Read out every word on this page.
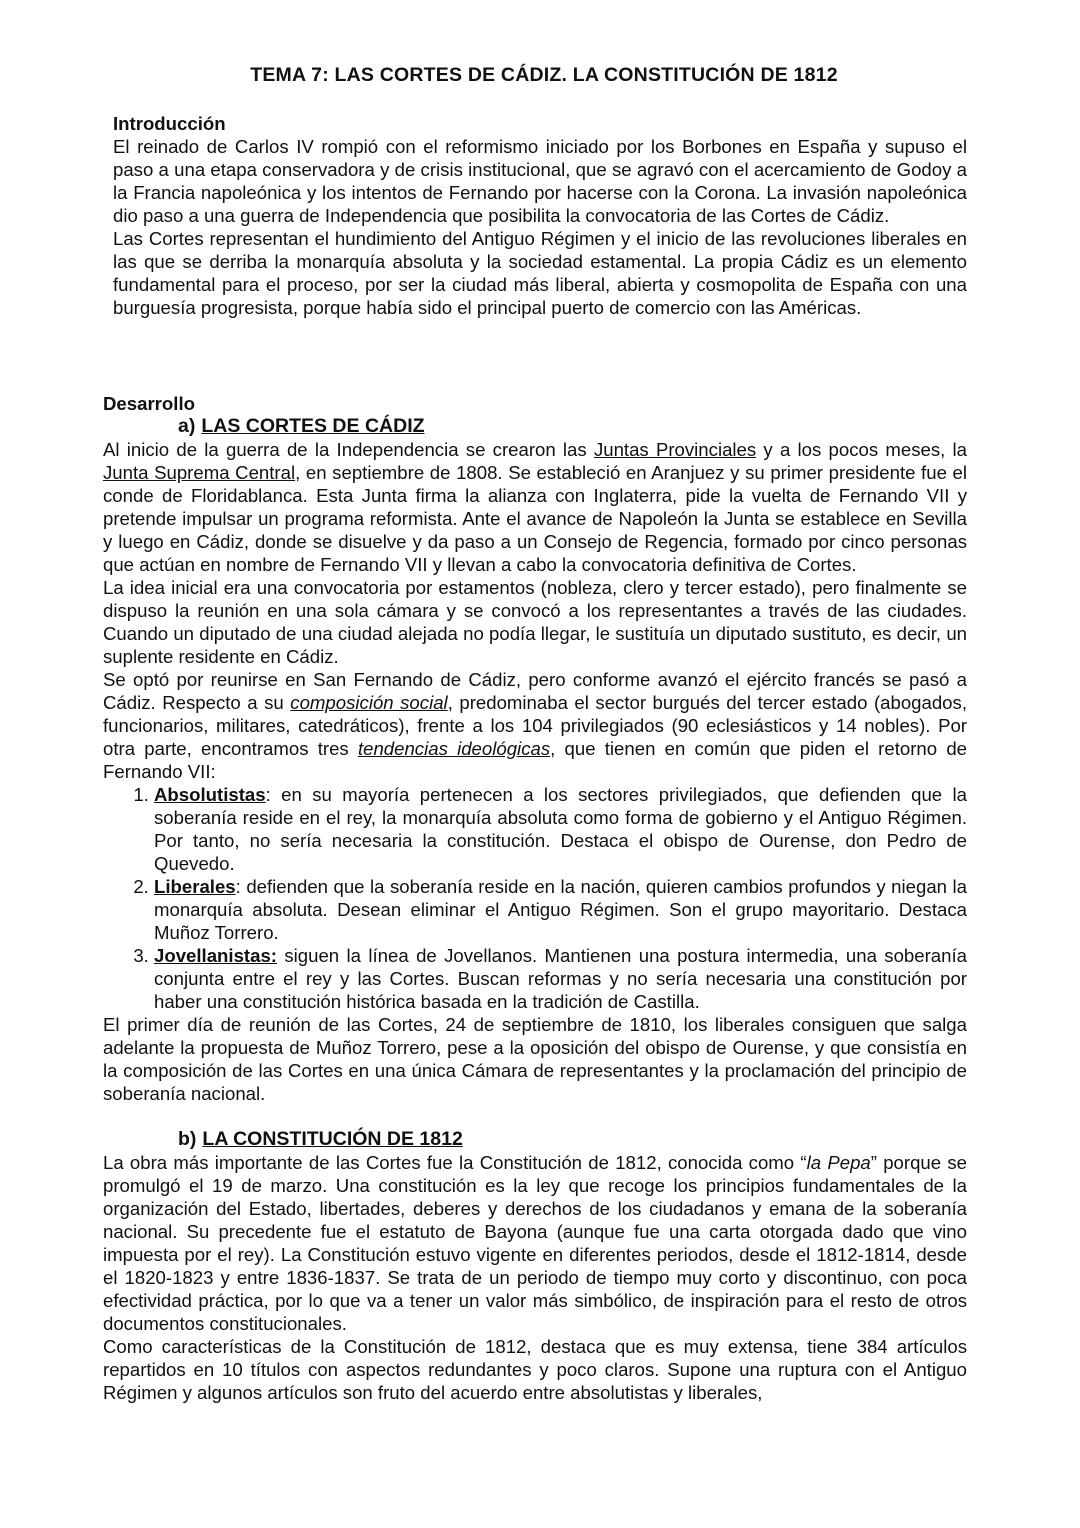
TEMA 7: LAS CORTES DE CÁDIZ. LA CONSTITUCIÓN DE 1812
Introducción

El reinado de Carlos IV rompió con el reformismo iniciado por los Borbones en España y supuso el paso a una etapa conservadora y de crisis institucional, que se agravó con el acercamiento de Godoy a la Francia napoleónica y los intentos de Fernando por hacerse con la Corona. La invasión napoleónica dio paso a una guerra de Independencia que posibilita la convocatoria de las Cortes de Cádiz.

Las Cortes representan el hundimiento del Antiguo Régimen y el inicio de las revoluciones liberales en las que se derriba la monarquía absoluta y la sociedad estamental. La propia Cádiz es un elemento fundamental para el proceso, por ser la ciudad más liberal, abierta y cosmopolita de España con una burguesía progresista, porque había sido el principal puerto de comercio con las Américas.

Desarrollo
a) LAS CORTES DE CÁDIZ

Al inicio de la guerra de la Independencia se crearon las Juntas Provinciales y a los pocos meses, la Junta Suprema Central, en septiembre de 1808. Se estableció en Aranjuez y su primer presidente fue el conde de Floridablanca. Esta Junta firma la alianza con Inglaterra, pide la vuelta de Fernando VII y pretende impulsar un programa reformista. Ante el avance de Napoleón la Junta se establece en Sevilla y luego en Cádiz, donde se disuelve y da paso a un Consejo de Regencia, formado por cinco personas que actúan en nombre de Fernando VII y llevan a cabo la convocatoria definitiva de Cortes.

La idea inicial era una convocatoria por estamentos (nobleza, clero y tercer estado), pero finalmente se dispuso la reunión en una sola cámara y se convocó a los representantes a través de las ciudades. Cuando un diputado de una ciudad alejada no podía llegar, le sustituía un diputado sustituto, es decir, un suplente residente en Cádiz.

Se optó por reunirse en San Fernando de Cádiz, pero conforme avanzó el ejército francés se pasó a Cádiz. Respecto a su composición social, predominaba el sector burgués del tercer estado (abogados, funcionarios, militares, catedráticos), frente a los 104 privilegiados (90 eclesiásticos y 14 nobles). Por otra parte, encontramos tres tendencias ideológicas, que tienen en común que piden el retorno de Fernando VII:

1. Absolutistas: en su mayoría pertenecen a los sectores privilegiados, que defienden que la soberanía reside en el rey, la monarquía absoluta como forma de gobierno y el Antiguo Régimen. Por tanto, no sería necesaria la constitución. Destaca el obispo de Ourense, don Pedro de Quevedo.
2. Liberales: defienden que la soberanía reside en la nación, quieren cambios profundos y niegan la monarquía absoluta. Desean eliminar el Antiguo Régimen. Son el grupo mayoritario. Destaca Muñoz Torrero.
3. Jovellanistas: siguen la línea de Jovellanos. Mantienen una postura intermedia, una soberanía conjunta entre el rey y las Cortes. Buscan reformas y no sería necesaria una constitución por haber una constitución histórica basada en la tradición de Castilla.

El primer día de reunión de las Cortes, 24 de septiembre de 1810, los liberales consiguen que salga adelante la propuesta de Muñoz Torrero, pese a la oposición del obispo de Ourense, y que consistía en la composición de las Cortes en una única Cámara de representantes y la proclamación del principio de soberanía nacional.

b) LA CONSTITUCIÓN DE 1812

La obra más importante de las Cortes fue la Constitución de 1812, conocida como “la Pepa” porque se promulgó el 19 de marzo. Una constitución es la ley que recoge los principios fundamentales de la organización del Estado, libertades, deberes y derechos de los ciudadanos y emana de la soberanía nacional. Su precedente fue el estatuto de Bayona (aunque fue una carta otorgada dado que vino impuesta por el rey). La Constitución estuvo vigente en diferentes periodos, desde el 1812-1814, desde el 1820-1823 y entre 1836-1837. Se trata de un periodo de tiempo muy corto y discontinuo, con poca efectividad práctica, por lo que va a tener un valor más simbólico, de inspiración para el resto de otros documentos constitucionales.

Como características de la Constitución de 1812, destaca que es muy extensa, tiene 384 artículos repartidos en 10 títulos con aspectos redundantes y poco claros. Supone una ruptura con el Antiguo Régimen y algunos artículos son fruto del acuerdo entre absolutistas y liberales,
